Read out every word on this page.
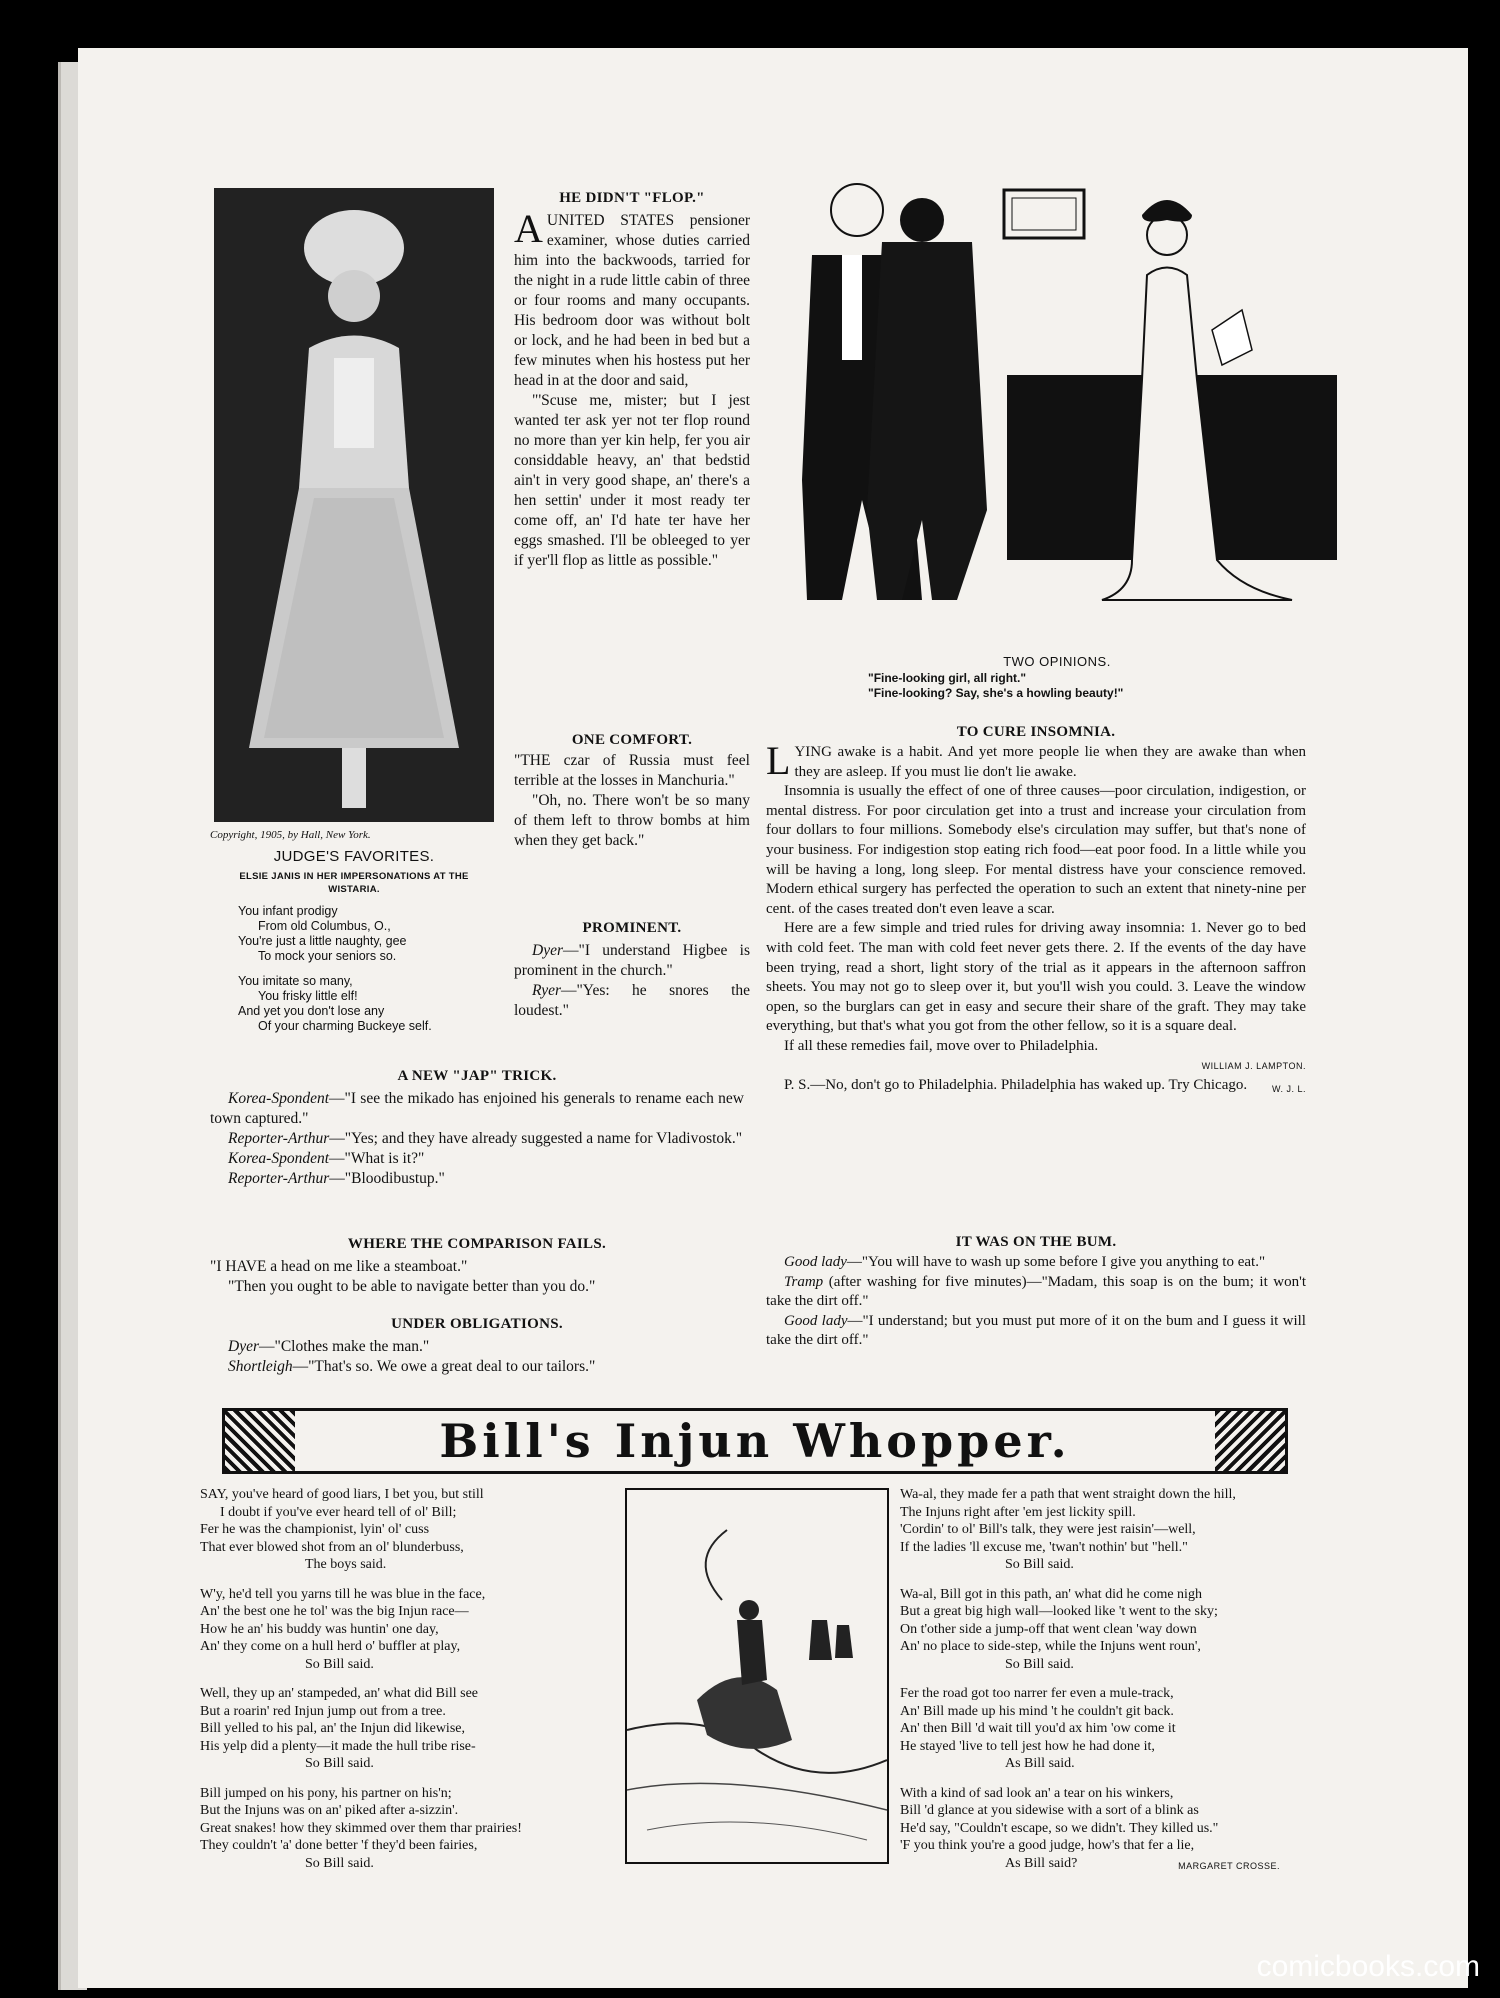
Copyright, 1905, by Hall, New York.
JUDGE'S FAVORITES.
ELSIE JANIS IN HER IMPERSONATIONS AT THE WISTARIA.
You infant prodigy
From old Columbus, O.,
You're just a little naughty, gee
To mock your seniors so.
You imitate so many,
You frisky little elf!
And yet you don't lose any
Of your charming Buckeye self.
HE DIDN'T "FLOP."
A UNITED STATES pensioner examiner, whose duties carried him into the backwoods, tarried for the night in a rude little cabin of three or four rooms and many occupants. His bedroom door was without bolt or lock, and he had been in bed but a few minutes when his hostess put her head in at the door and said,

"'Scuse me, mister; but I jest wanted ter ask yer not ter flop round no more than yer kin help, fer you air considdable heavy, an' that bedstid ain't in very good shape, an' there's a hen settin' under it most ready ter come off, an' I'd hate ter have her eggs smashed. I'll be obleeged to yer if yer'll flop as little as possible."

ONE COMFORT.
"THE czar of Russia must feel terrible at the losses in Manchuria."

"Oh, no. There won't be so many of them left to throw bombs at him when they get back."

PROMINENT.

Dyer—"I understand Higbee is prominent in the church."

Ryer—"Yes: he snores the loudest."

A NEW "JAP" TRICK.

Korea-Spondent—"I see the mikado has enjoined his generals to rename each new town captured."

Reporter-Arthur—"Yes; and they have already suggested a name for Vladivostok."

Korea-Spondent—"What is it?"

Reporter-Arthur—"Bloodibustup."

WHERE THE COMPARISON FAILS.
"I HAVE a head on me like a steamboat."

"Then you ought to be able to navigate better than you do."

UNDER OBLIGATIONS.

Dyer—"Clothes make the man."

Shortleigh—"That's so. We owe a great deal to our tailors."

TWO OPINIONS.
"Fine-looking girl, all right."
"Fine-looking? Say, she's a howling beauty!"
TO CURE INSOMNIA.
L YING awake is a habit. And yet more people lie when they are awake than when they are asleep. If you must lie don't lie awake.

Insomnia is usually the effect of one of three causes—poor circulation, indigestion, or mental distress. For poor circulation get into a trust and increase your circulation from four dollars to four millions. Somebody else's circulation may suffer, but that's none of your business. For indigestion stop eating rich food—eat poor food. In a little while you will be having a long, long sleep. For mental distress have your conscience removed. Modern ethical surgery has perfected the operation to such an extent that ninety-nine per cent. of the cases treated don't even leave a scar.

Here are a few simple and tried rules for driving away insomnia: 1. Never go to bed with cold feet. The man with cold feet never gets there. 2. If the events of the day have been trying, read a short, light story of the trial as it appears in the afternoon saffron sheets. You may not go to sleep over it, but you'll wish you could. 3. Leave the window open, so the burglars can get in easy and secure their share of the graft. They may take everything, but that's what you got from the other fellow, so it is a square deal.

If all these remedies fail, move over to Philadelphia.

WILLIAM J. LAMPTON.

P. S.—No, don't go to Philadelphia. Philadelphia has waked up. Try Chicago.	W. J. L.
IT WAS ON THE BUM.

Good lady—"You will have to wash up some before I give you anything to eat."

Tramp (after washing for five minutes)—"Madam, this soap is on the bum; it won't take the dirt off."

Good lady—"I understand; but you must put more of it on the bum and I guess it will take the dirt off."

Bill's Injun Whopper.
SAY, you've heard of good liars, I bet you, but still
I doubt if you've ever heard tell of ol' Bill;
Fer he was the championist, lyin' ol' cuss
That ever blowed shot from an ol' blunderbuss,
The boys said.
W'y, he'd tell you yarns till he was blue in the face,
An' the best one he tol' was the big Injun race—
How he an' his buddy was huntin' one day,
An' they come on a hull herd o' buffler at play,
So Bill said.
Well, they up an' stampeded, an' what did Bill see
But a roarin' red Injun jump out from a tree.
Bill yelled to his pal, an' the Injun did likewise,
His yelp did a plenty—it made the hull tribe rise-
So Bill said.
Bill jumped on his pony, his partner on his'n;
But the Injuns was on an' piked after a-sizzin'.
Great snakes! how they skimmed over them thar prairies!
They couldn't 'a' done better 'f they'd been fairies,
So Bill said.
Wa-al, they made fer a path that went straight down the hill,
The Injuns right after 'em jest lickity spill.
'Cordin' to ol' Bill's talk, they were jest raisin'—well,
If the ladies 'll excuse me, 'twan't nothin' but "hell."
So Bill said.
Wa-al, Bill got in this path, an' what did he come nigh
But a great big high wall—looked like 't went to the sky;
On t'other side a jump-off that went clean 'way down
An' no place to side-step, while the Injuns went roun',
So Bill said.
Fer the road got too narrer fer even a mule-track,
An' Bill made up his mind 't he couldn't git back.
An' then Bill 'd wait till you'd ax him 'ow come it
He stayed 'live to tell jest how he had done it,
As Bill said.
With a kind of sad look an' a tear on his winkers,
Bill 'd glance at you sidewise with a sort of a blink as
He'd say, "Couldn't escape, so we didn't. They killed us."
'F you think you're a good judge, how's that fer a lie,
As Bill said?	MARGARET CROSSE.
comicbooks.com
